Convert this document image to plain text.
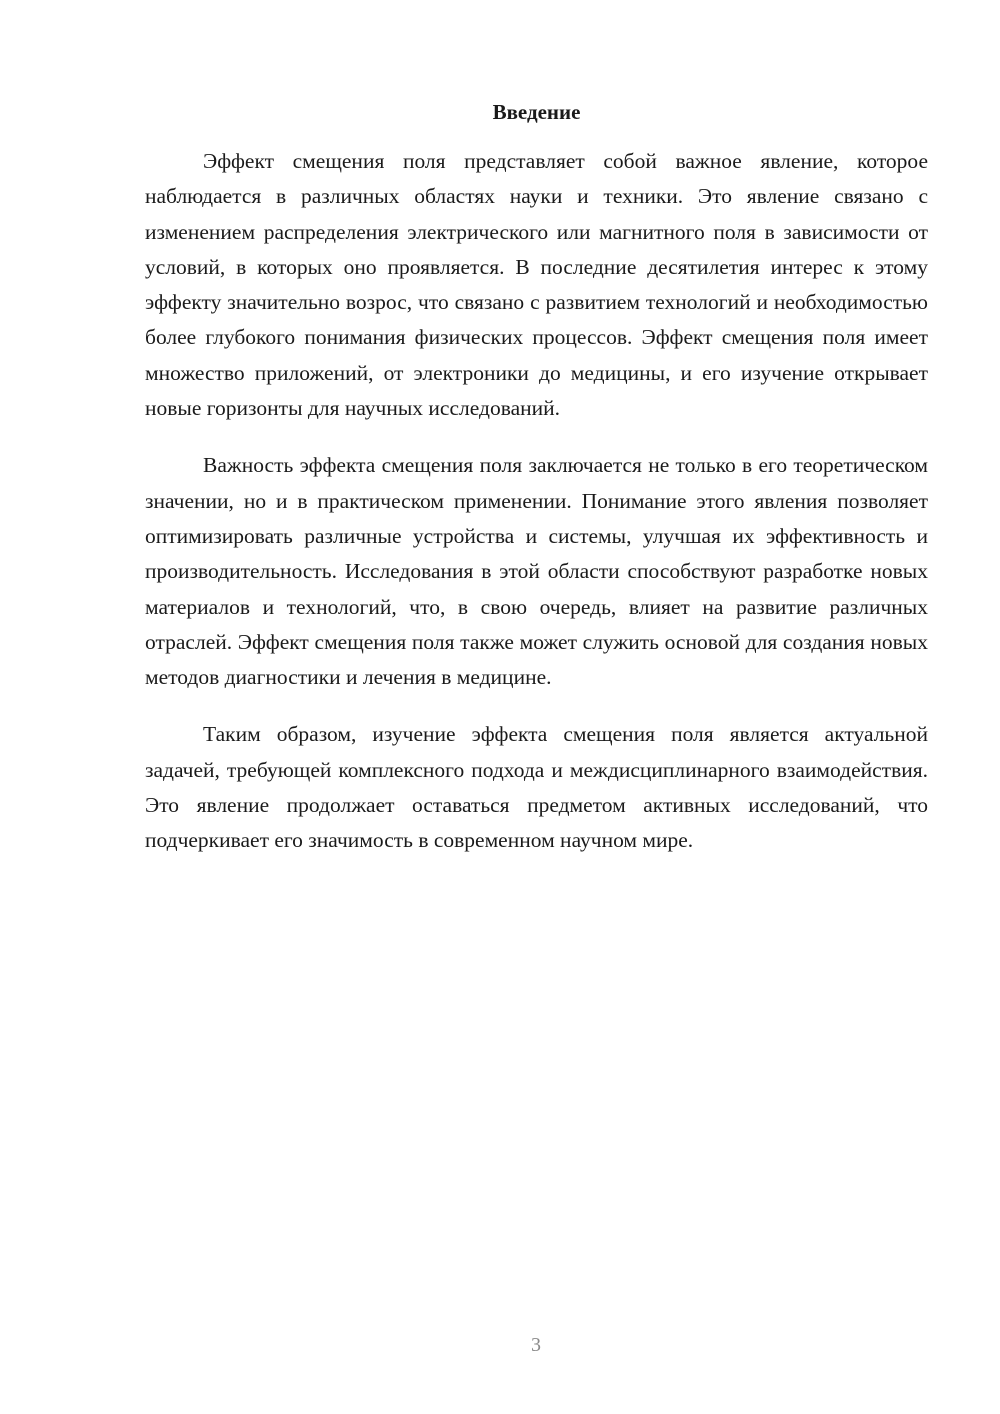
Введение

Эффект смещения поля представляет собой важное явление, которое наблюдается в различных областях науки и техники. Это явление связано с изменением распределения электрического или магнитного поля в зависимости от условий, в которых оно проявляется. В последние десятилетия интерес к этому эффекту значительно возрос, что связано с развитием технологий и необходимостью более глубокого понимания физических процессов. Эффект смещения поля имеет множество приложений, от электроники до медицины, и его изучение открывает новые горизонты для научных исследований.

Важность эффекта смещения поля заключается не только в его теоретическом значении, но и в практическом применении. Понимание этого явления позволяет оптимизировать различные устройства и системы, улучшая их эффективность и производительность. Исследования в этой области способствуют разработке новых материалов и технологий, что, в свою очередь, влияет на развитие различных отраслей. Эффект смещения поля также может служить основой для создания новых методов диагностики и лечения в медицине.

Таким образом, изучение эффекта смещения поля является актуальной задачей, требующей комплексного подхода и междисциплинарного взаимодействия. Это явление продолжает оставаться предметом активных исследований, что подчеркивает его значимость в современном научном мире.

3
